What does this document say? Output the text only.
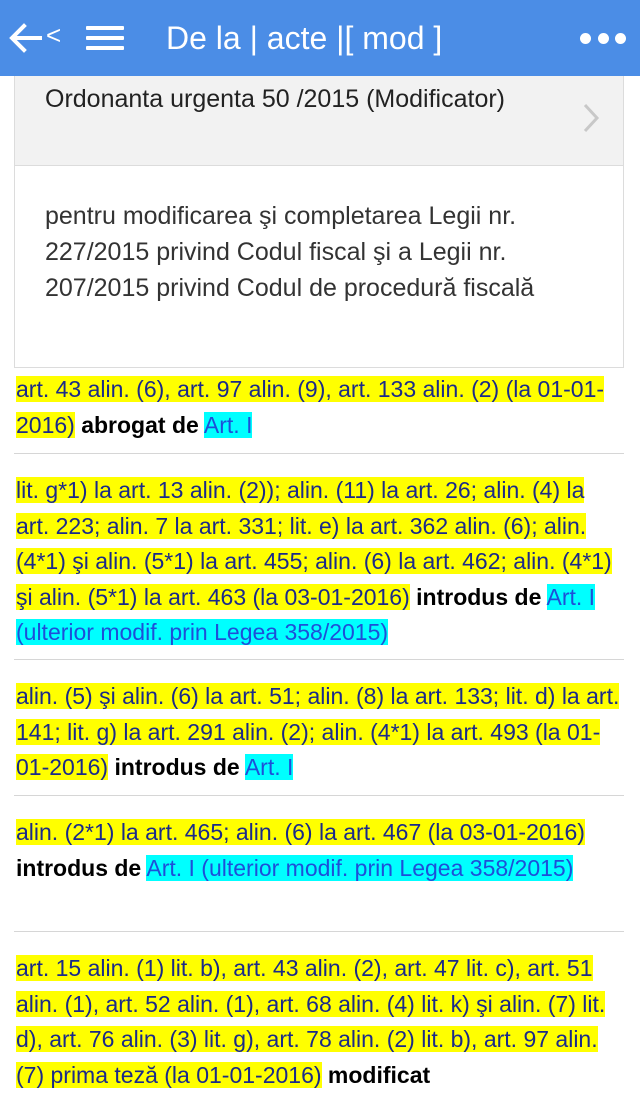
<	De la | acte |[ mod ]
Ordonanta urgenta 50 /2015 (Modificator)
pentru modificarea şi completarea Legii nr. 227/2015 privind Codul fiscal şi a Legii nr. 207/2015 privind Codul de procedură fiscală
art. 43 alin. (6), art. 97 alin. (9), art. 133 alin. (2) (la 01-01-2016) abrogat de Art. I
lit. g*1) la art. 13 alin. (2)); alin. (11) la art. 26; alin. (4) la art. 223; alin. 7 la art. 331; lit. e) la art. 362 alin. (6); alin. (4*1) şi alin. (5*1) la art. 455; alin. (6) la art. 462; alin. (4*1) şi alin. (5*1) la art. 463 (la 03-01-2016) introdus de Art. I (ulterior modif. prin Legea 358/2015)
alin. (5) şi alin. (6) la art. 51; alin. (8) la art. 133; lit. d) la art. 141; lit. g) la art. 291 alin. (2); alin. (4*1) la art. 493 (la 01-01-2016) introdus de Art. I
alin. (2*1) la art. 465; alin. (6) la art. 467 (la 03-01-2016) introdus de Art. I (ulterior modif. prin Legea 358/2015)
art. 15 alin. (1) lit. b), art. 43 alin. (2), art. 47 lit. c), art. 51 alin. (1), art. 52 alin. (1), art. 68 alin. (4) lit. k) şi alin. (7) lit. d), art. 76 alin. (3) lit. g), art. 78 alin. (2) lit. b), art. 97 alin. (7) prima teză (la 01-01-2016) modificat
